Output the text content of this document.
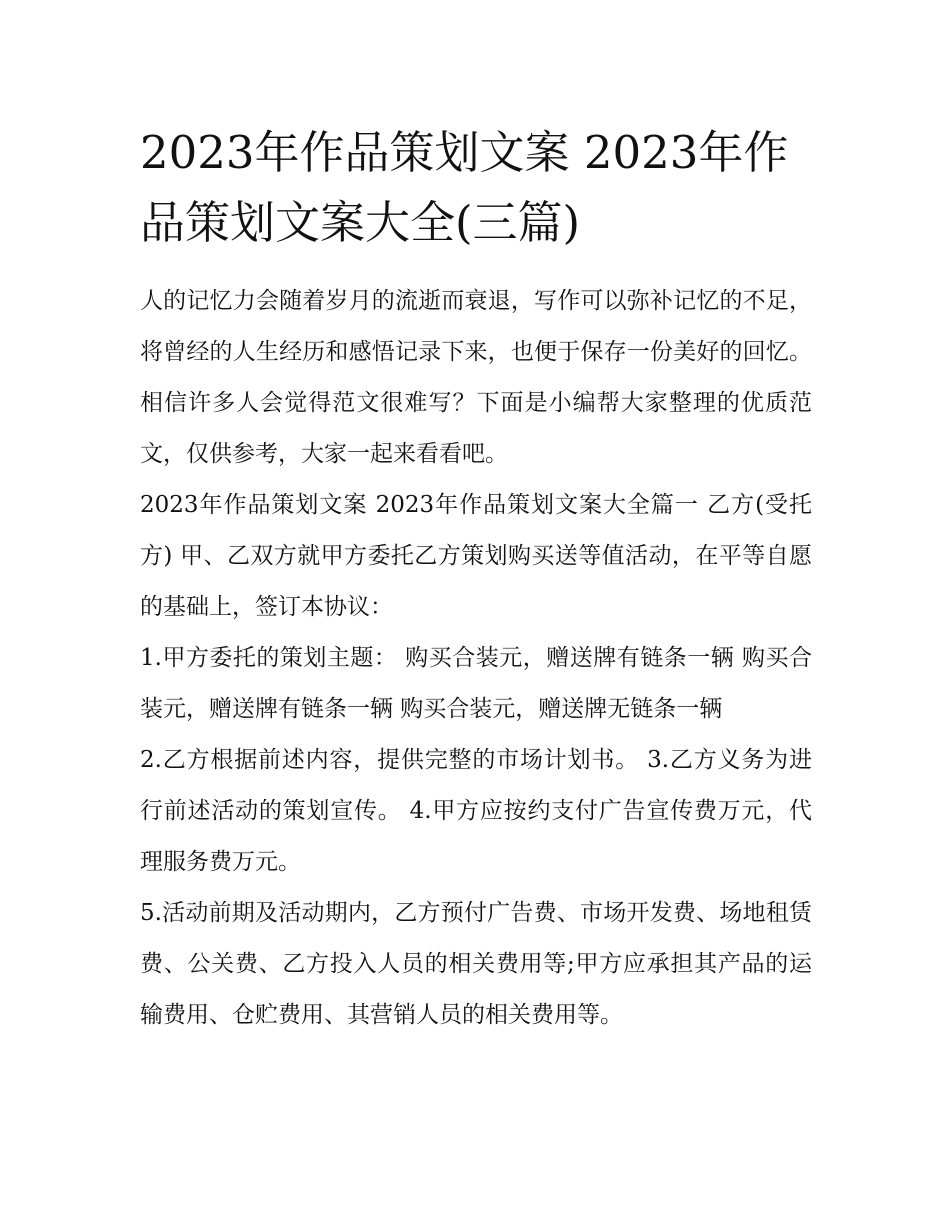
2023年作品策划文案 2023年作品策划文案大全(三篇)

人的记忆力会随着岁月的流逝而衰退，写作可以弥补记忆的不足，将曾经的人生经历和感悟记录下来，也便于保存一份美好的回忆。相信许多人会觉得范文很难写？下面是小编帮大家整理的优质范文，仅供参考，大家一起来看看吧。

2023年作品策划文案 2023年作品策划文案大全篇一 乙方(受托方) 甲、乙双方就甲方委托乙方策划购买送等值活动，在平等自愿的基础上，签订本协议：

1.甲方委托的策划主题： 购买合装元，赠送牌有链条一辆 购买合装元，赠送牌有链条一辆 购买合装元，赠送牌无链条一辆

2.乙方根据前述内容，提供完整的市场计划书。 3.乙方义务为进行前述活动的策划宣传。 4.甲方应按约支付广告宣传费万元，代理服务费万元。

5.活动前期及活动期内，乙方预付广告费、市场开发费、场地租赁费、公关费、乙方投入人员的相关费用等;甲方应承担其产品的运输费用、仓贮费用、其营销人员的相关费用等。
